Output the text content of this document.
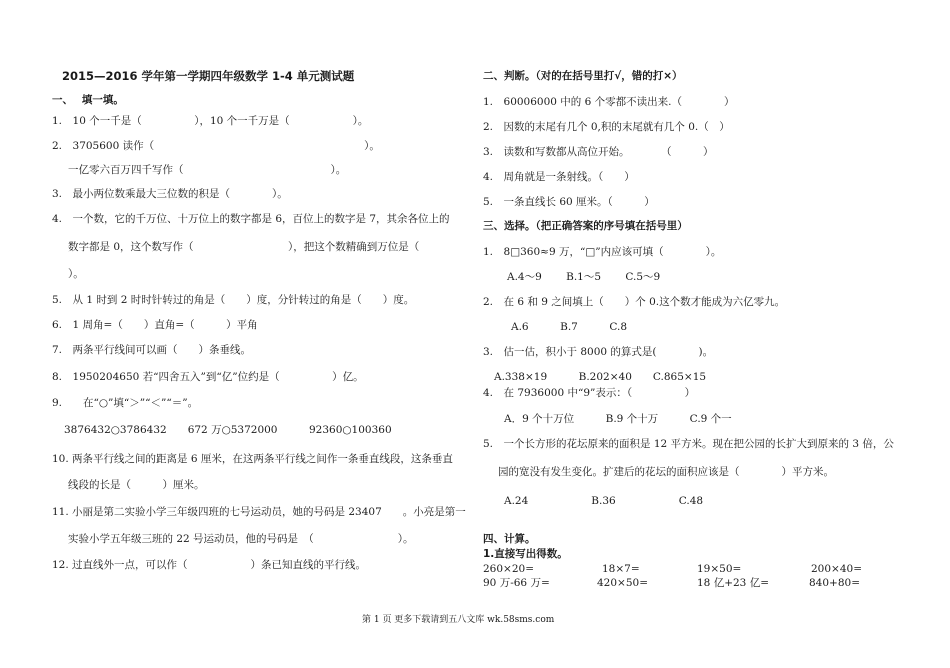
2015—2016 学年第一学期四年级数学 1-4 单元测试题
一、　 填一填。
1.　10 个一千是（　　　　　），10 个一千万是（　　　　　　）。
2.　3705600 读作（　　　　　　　　　　　　　　　　　　　　）。
一亿零六百万四千写作（　　　　　　　　　　　　　　）。
3.　最小两位数乘最大三位数的积是（　　　　）。
4.　一个数，它的千万位、十万位上的数字都是 6，百位上的数字是 7，其余各位上的
数字都是 0，这个数写作（　　　　　　　　　），把这个数精确到万位是（
）。
5.　从 1 时到 2 时时针转过的角是（　　）度，分针转过的角是（　　）度。
6.　1 周角=（　　）直角=（　　　）平角
7.　两条平行线间可以画（　　）条垂线。
8.　1950204650 若“四舍五入”到“亿”位约是（　　　　　）亿。
9.　　在“○”填“＞”“＜”“＝”。
3876432○3786432　　672 万○5372000　　　92360○100360
10. 两条平行线之间的距离是 6 厘米，在这两条平行线之间作一条垂直线段，这条垂直
线段的长是（　　　）厘米。
11. 小丽是第二实验小学三年级四班的七号运动员，她的号码是 23407　　。小亮是第一
实验小学五年级三班的 22 号运动员，他的号码是　（　　　　　　　　）。
12. 过直线外一点，可以作（　　　　　　）条已知直线的平行线。
二、判断。（对的在括号里打√，错的打×）
1.　60006000 中的 6 个零都不读出来.（　　　　）
2.　因数的末尾有几个 0,积的末尾就有几个 0.（　）
3.　读数和写数都从高位开始。　　　　（　　　）
4.　周角就是一条射线。（　　）
5.　一条直线长 60 厘米。（　　　）
三、选择。（把正确答案的序号填在括号里）
1.　8□360≈9 万，“□”内应该可填（　　　　）。
A.4～9　　 B.1～5　　 C.5～9
2.　在 6 和 9 之间填上（　　）个 0.这个数才能成为六亿零九。
A.6　　　B.7　　　C.8
3.　估一估，积小于 8000 的算式是(　　　　)。
A.338×19　　　B.202×40　　C.865×15
4.　在 7936000 中“9”表示：（　　　　　）
A．9 个十万位　　　B.9 个十万　　　C.9 个一
5.　一个长方形的花坛原来的面积是 12 平方米。现在把公园的长扩大到原来的 3 倍，公
园的宽没有发生变化。扩建后的花坛的面积应该是（　　　　）平方米。
A.24　　　　　　B.36　　　　　　C.48
四、计算。
1.直接写出得数。
260×20=	18×7=	19×50=	200×40=
90 万-66 万=	420×50=	18 亿+23 亿=	840+80=
第 1 页 更多下载请到五八文库 wk.58sms.com
